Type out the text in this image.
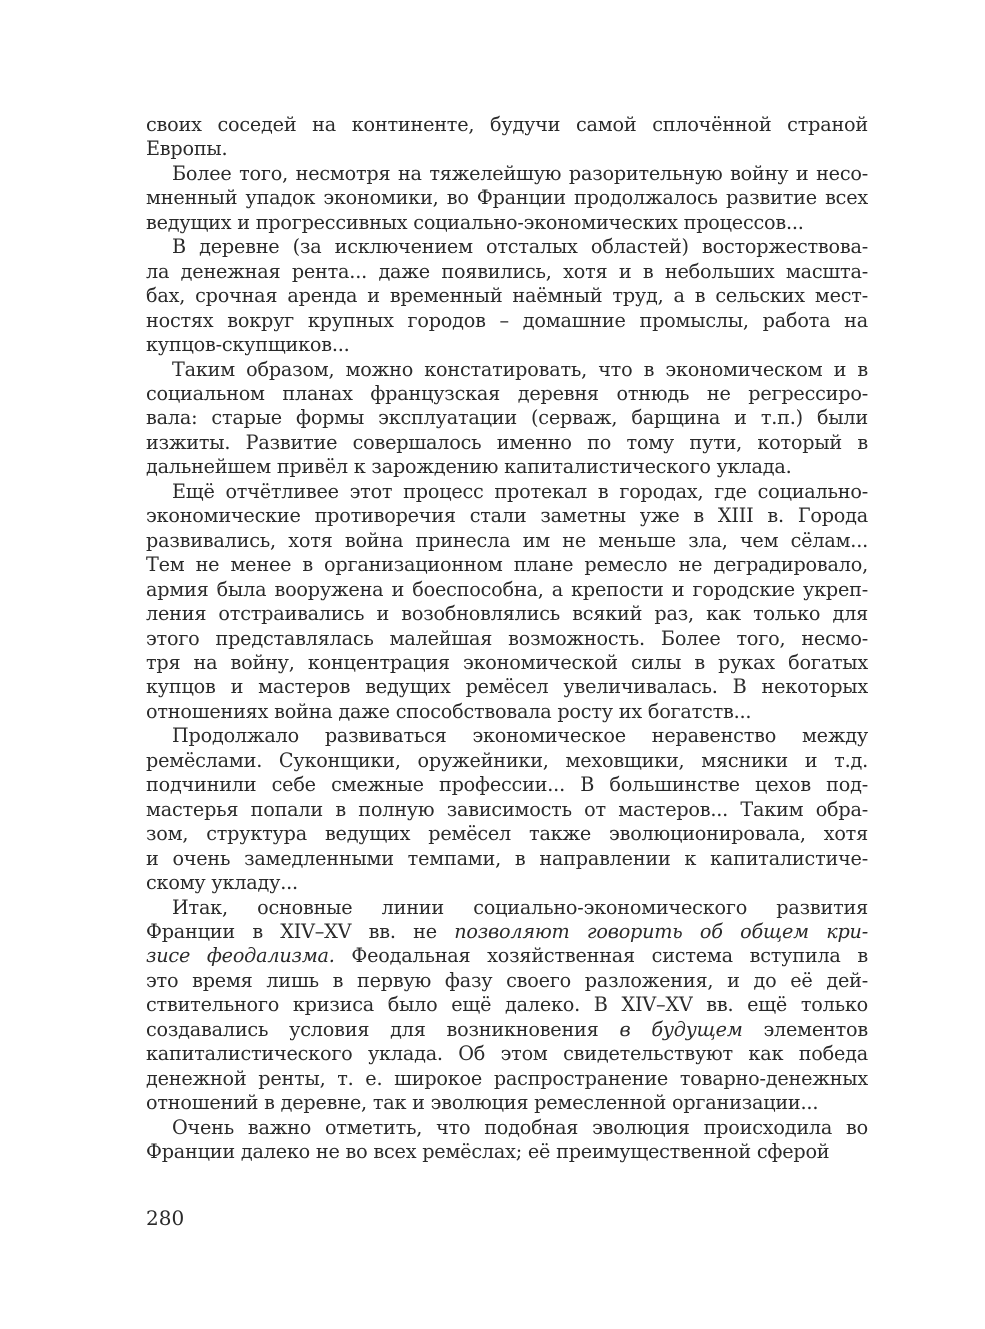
своих соседей на континенте, будучи самой сплочённой страной
Европы.
Более того, несмотря на тяжелейшую разорительную войну и несо-
мненный упадок экономики, во Франции продолжалось развитие всех
ведущих и прогрессивных социально-экономических процессов...
В деревне (за исключением отсталых областей) восторжествова-
ла денежная рента... даже появились, хотя и в небольших масшта-
бах, срочная аренда и временный наёмный труд, а в сельских мест-
ностях вокруг крупных городов – домашние промыслы, работа на
купцов-скупщиков...
Таким образом, можно констатировать, что в экономическом и в
социальном планах французская деревня отнюдь не регрессиро-
вала: старые формы эксплуатации (серваж, барщина и т.п.) были
изжиты. Развитие совершалось именно по тому пути, который в
дальнейшем привёл к зарождению капиталистического уклада.
Ещё отчётливее этот процесс протекал в городах, где социально-
экономические противоречия стали заметны уже в XIII в. Города
развивались, хотя война принесла им не меньше зла, чем сёлам...
Тем не менее в организационном плане ремесло не деградировало,
армия была вооружена и боеспособна, а крепости и городские укреп-
ления отстраивались и возобновлялись всякий раз, как только для
этого представлялась малейшая возможность. Более того, несмо-
тря на войну, концентрация экономической силы в руках богатых
купцов и мастеров ведущих ремёсел увеличивалась. В некоторых
отношениях война даже способствовала росту их богатств...
Продолжало развиваться экономическое неравенство между
ремёслами. Суконщики, оружейники, меховщики, мясники и т.д.
подчинили себе смежные профессии... В большинстве цехов под-
мастерья попали в полную зависимость от мастеров... Таким обра-
зом, структура ведущих ремёсел также эволюционировала, хотя
и очень замедленными темпами, в направлении к капиталистиче-
скому укладу...
Итак, основные линии социально-экономического развития
Франции в XIV–XV вв. не позволяют говорить об общем кри-
зисе феодализма. Феодальная хозяйственная система вступила в
это время лишь в первую фазу своего разложения, и до её дей-
ствительного кризиса было ещё далеко. В XIV–XV вв. ещё только
создавались условия для возникновения в будущем элементов
капиталистического уклада. Об этом свидетельствуют как победа
денежной ренты, т. е. широкое распространение товарно-денежных
отношений в деревне, так и эволюция ремесленной организации...
Очень важно отметить, что подобная эволюция происходила во
Франции далеко не во всех ремёслах; её преимущественной сферой
280
